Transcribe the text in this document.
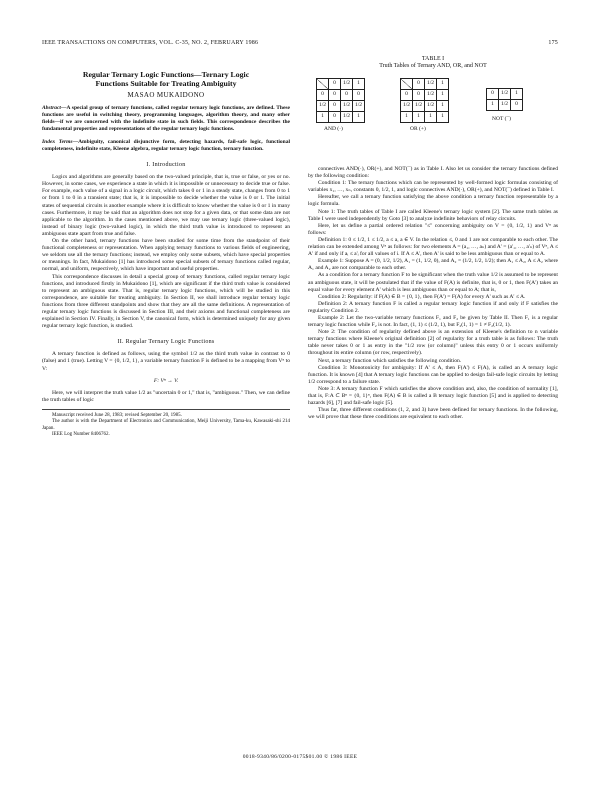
IEEE TRANSACTIONS ON COMPUTERS, VOL. C-35, NO. 2, FEBRUARY 1986	175
Regular Ternary Logic Functions—Ternary Logic
Functions Suitable for Treating Ambiguity
MASAO MUKAIDONO
Abstract—A special group of ternary functions, called regular ternary logic functions, are defined. These functions are useful in switching theory, programming languages, algorithm theory, and many other fields—if we are concerned with the indefinite state in such fields. This correspondence describes the fundamental properties and representations of the regular ternary logic functions.
Index Terms—Ambiguity, canonical disjunctive form, detecting hazards, fail-safe logic, functional completeness, indefinite state, Kleene algebra, regular ternary logic function, ternary function.
I. Introduction

Logics and algorithms are generally based on the two-valued principle, that is, true or false, or yes or no. However, in some cases, we experience a state in which it is impossible or unnecessary to decide true or false. For example, each value of a signal in a logic circuit, which takes 0 or 1 in a steady state, changes from 0 to 1 or from 1 to 0 in a transient state; that is, it is impossible to decide whether the value is 0 or 1. The initial states of sequential circuits is another example where it is difficult to know whether the value is 0 or 1 in many cases. Furthermore, it may be said that an algorithm does not stop for a given data, or that some data are not applicable to the algorithm. In the cases mentioned above, we may use ternary logic (three-valued logic), instead of binary logic (two-valued logic), in which the third truth value is introduced to represent an ambiguous state apart from true and false.

On the other hand, ternary functions have been studied for some time from the standpoint of their functional completeness or representation. When applying ternary functions to various fields of engineering, we seldom use all the ternary functions; instead, we employ only some subsets, which have special properties or meanings. In fact, Mukaidono [1] has introduced some special subsets of ternary functions called regular, normal, and uniform, respectively, which have important and useful properties.

This correspondence discusses in detail a special group of ternary functions, called regular ternary logic functions, and introduced firstly in Mukaidono [1], which are significant if the third truth value is considered to represent an ambiguous state. That is, regular ternary logic functions, which will be studied in this correspondence, are suitable for treating ambiguity. In Section II, we shall introduce regular ternary logic functions from three different standpoints and show that they are all the same definitions. A representation of regular ternary logic functions is discussed in Section III, and their axioms and functional completeness are explained in Section IV. Finally, in Section V, the canonical form, which is determined uniquely for any given regular ternary logic function, is studied.

II. Regular Ternary Logic Functions

A ternary function is defined as follows, using the symbol 1/2 as the third truth value in contrast to 0 (false) and 1 (true). Letting V = {0, 1/2, 1}, a variable ternary function F is defined to be a mapping from Vⁿ to V:

F: Vⁿ → V.

Here, we will interpret the truth value 1/2 as "uncertain 0 or 1," that is, "ambiguous." Then, we can define the truth tables of logic

Manuscript received June 28, 1983; revised September 20, 1985.

The author is with the Department of Electronics and Communication, Meiji University, Tama-ku, Kawasaki-shi 214 Japan.

IEEE Log Number 8406762.

TABLE I
Truth Tables of Ternary AND, OR, and NOT
	0	1/2	1
0	0	0	0
1/2	0	1/2	1/2
1	0	1/2	1
AND (·)
	0	1/2	1
0	0	1/2	1
1/2	1/2	1/2	1
1	1	1	1
OR (+)
0	1/2	1
1	1/2	0
NOT (¯)

connectives AND(·), OR(+), and NOT(¯) as in Table I. Also let us consider the ternary functions defined by the following condition:

Condition 1: The ternary functions which can be represented by well-formed logic formulas consisting of variables x₁, …, xₙ, constants 0, 1/2, 1, and logic connectives AND(·), OR(+), and NOT(¯) defined in Table I.

Hereafter, we call a ternary function satisfying the above condition a ternary function representable by a logic formula.

Note 1: The truth tables of Table I are called Kleene's ternary logic system [2]. The same truth tables as Table I were used independently by Goto [3] to analyze indefinite behaviors of relay circuits.

Here, let us define a partial ordered relation "≤" concerning ambiguity on V = {0, 1/2, 1} and Vⁿ as follows:

Definition 1: 0 ≤ 1/2, 1 ≤ 1/2, a ≤ a, a ∈ V. In the relation ≤, 0 and 1 are not comparable to each other. The relation can be extended among Vⁿ as follows: for two elements A = (a₁, …, aₙ) and A' = (a'₁, …, a'ₙ) of Vⁿ, A ≤ A' if and only if aᵢ ≤ a'ᵢ for all values of i. If A ≤ A', then A' is said to be less ambiguous than or equal to A.

Example 1: Suppose A = (0, 1/2, 1/2), A₁ = (1, 1/2, 0), and A₂ = (1/2, 1/2, 1/2); then A₁ ≤ A₂, A ≤ A₂ where A₁ and A₂ are not comparable to each other.

As a condition for a ternary function F to be significant when the truth value 1/2 is assumed to be represent an ambiguous state, it will be postulated that if the value of F(A) is definite, that is, 0 or 1, then F(A') takes an equal value for every element A' which is less ambiguous than or equal to A; that is,

Condition 2: Regularity: if F(A) ∈ B = {0, 1}, then F(A') = F(A) for every A' such as A' ≤ A.

Definition 2: A ternary function F is called a regular ternary logic function if and only if F satisfies the regularity Condition 2.

Example 2: Let the two-variable ternary functions F₁ and F₂ be given by Table II. Then F₁ is a regular ternary logic function while F₂ is not. In fact, (1, 1) ≤ (1/2, 1), but F₂(1, 1) = 1 ≠ F₂(1/2, 1).

Note 2: The condition of regularity defined above is an extension of Kleene's definition to n variable ternary functions where Kleene's original definition [2] of regularity for a truth table is as follows: The truth table never takes 0 or 1 as entry in the "1/2 row (or column)" unless this entry 0 or 1 occurs uniformly throughout its entire column (or row, respectively).

Next, a ternary function which satisfies the following condition.

Condition 3: Monotonicity for ambiguity: If A' ≤ A, then F(A') ≤ F(A), is called an A ternary logic function. It is known [4] that A ternary logic functions can be applied to design fail-safe logic circuits by letting 1/2 correspond to a failure state.

Note 3: A ternary function F which satisfies the above condition and, also, the condition of normality [1], that is, F:A ⊂ Bⁿ = {0, 1}ⁿ, then F(A) ∈ B is called a B ternary logic function [5] and is applied to detecting hazards [6], [7] and fail-safe logic [5].

Thus far, three different conditions (1, 2, and 3) have been defined for ternary functions. In the following, we will prove that these three conditions are equivalent to each other.

0018-9340/86/0200-0175$01.00 © 1986 IEEE
